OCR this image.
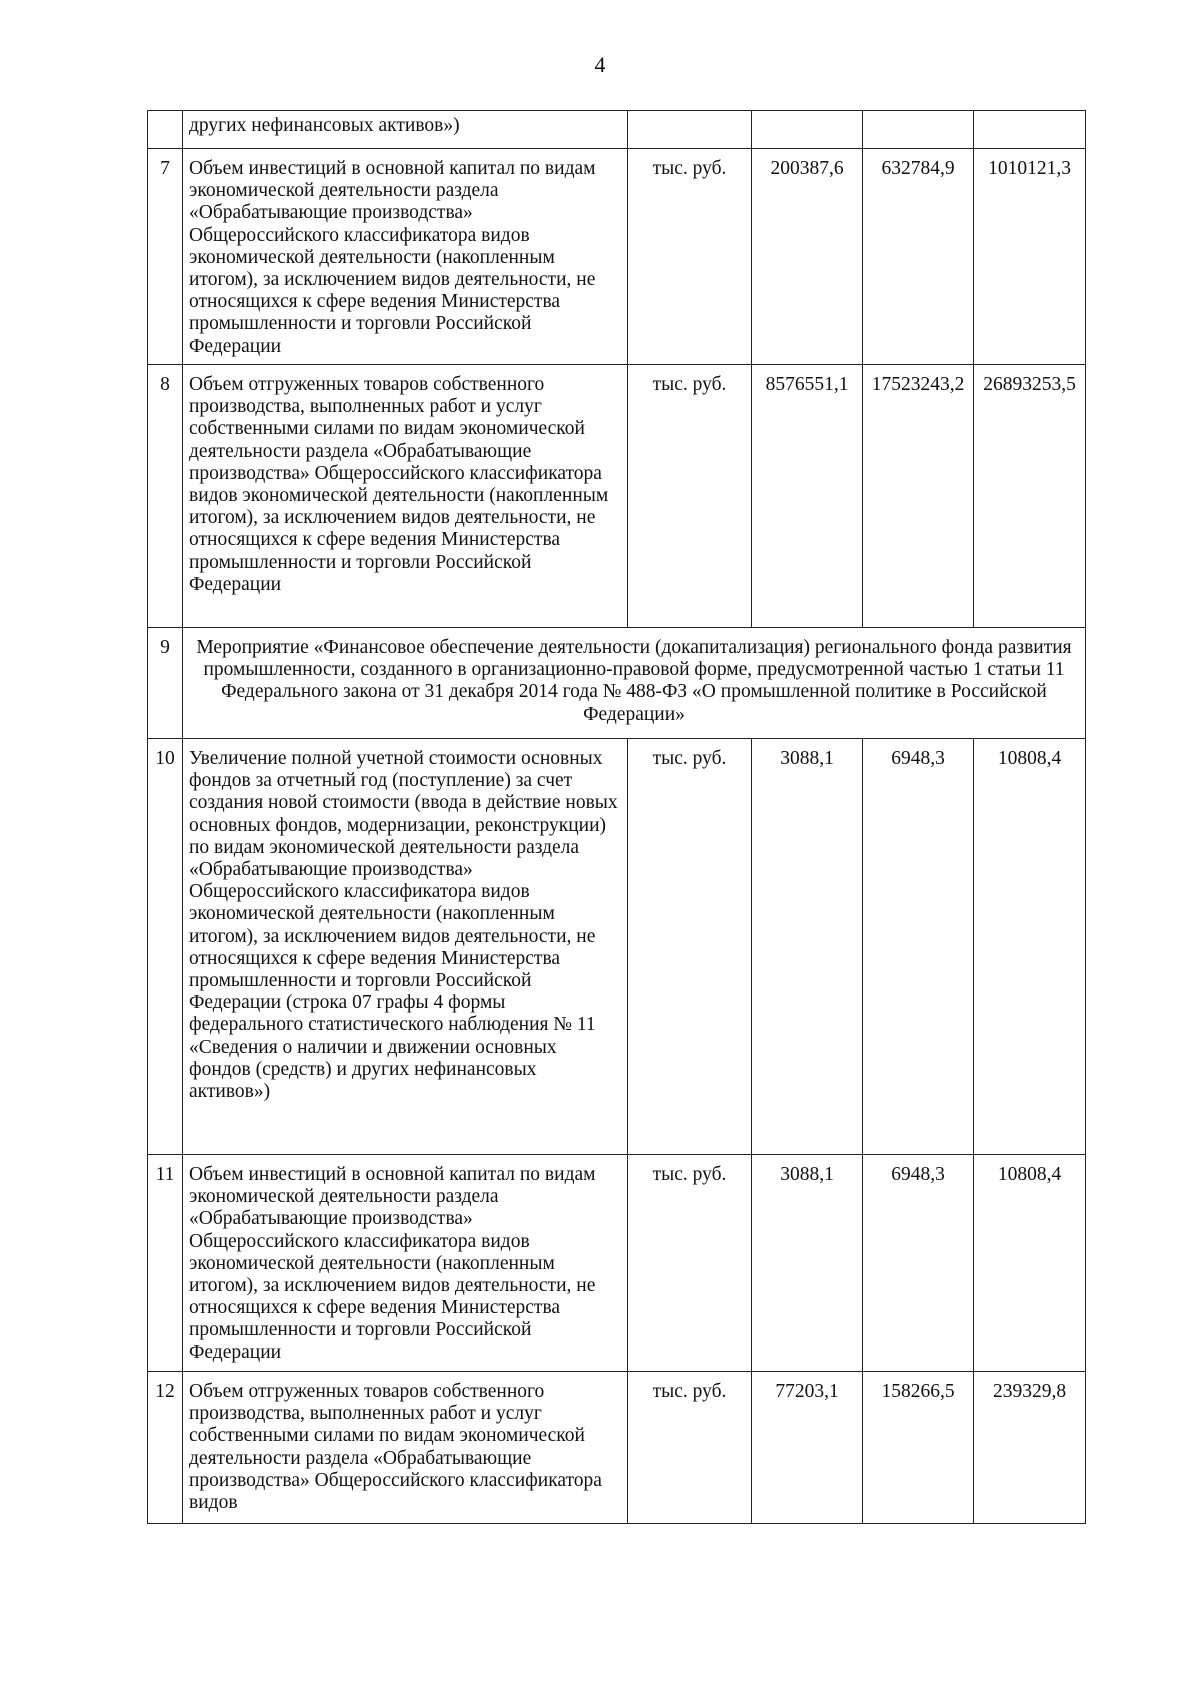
4
	других нефинансовых активов»)				
7	Объем инвестиций в основной капитал по видам экономической деятельности раздела «Обрабатывающие производства» Общероссийского классификатора видов экономической деятельности (накопленным итогом), за исключением видов деятельности, не относящихся к сфере ведения Министерства промышленности и торговли Российской Федерации	тыс. руб.	200387,6	632784,9	1010121,3
8	Объем отгруженных товаров собственного производства, выполненных работ и услуг собственными силами по видам экономической деятельности раздела «Обрабатывающие производства» Общероссийского классификатора видов экономической деятельности (накопленным итогом), за исключением видов деятельности, не относящихся к сфере ведения Министерства промышленности и торговли Российской Федерации	тыс. руб.	8576551,1	17523243,2	26893253,5
9	Мероприятие «Финансовое обеспечение деятельности (докапитализация) регионального фонда развития промышленности, созданного в организационно-правовой форме, предусмотренной частью 1 статьи 11 Федерального закона от 31 декабря 2014 года № 488-ФЗ «О промышленной политике в Российской Федерации»				
10	Увеличение полной учетной стоимости основных фондов за отчетный год (поступление) за счет создания новой стоимости (ввода в действие новых основных фондов, модернизации, реконструкции) по видам экономической деятельности раздела «Обрабатывающие производства» Общероссийского классификатора видов экономической деятельности (накопленным итогом), за исключением видов деятельности, не относящихся к сфере ведения Министерства промышленности и торговли Российской Федерации (строка 07 графы 4 формы федерального статистического наблюдения № 11 «Сведения о наличии и движении основных фондов (средств) и других нефинансовых активов»)	тыс. руб.	3088,1	6948,3	10808,4
11	Объем инвестиций в основной капитал по видам экономической деятельности раздела «Обрабатывающие производства» Общероссийского классификатора видов экономической деятельности (накопленным итогом), за исключением видов деятельности, не относящихся к сфере ведения Министерства промышленности и торговли Российской Федерации	тыс. руб.	3088,1	6948,3	10808,4
12	Объем отгруженных товаров собственного производства, выполненных работ и услуг собственными силами по видам экономической деятельности раздела «Обрабатывающие производства» Общероссийского классификатора видов	тыс. руб.	77203,1	158266,5	239329,8
